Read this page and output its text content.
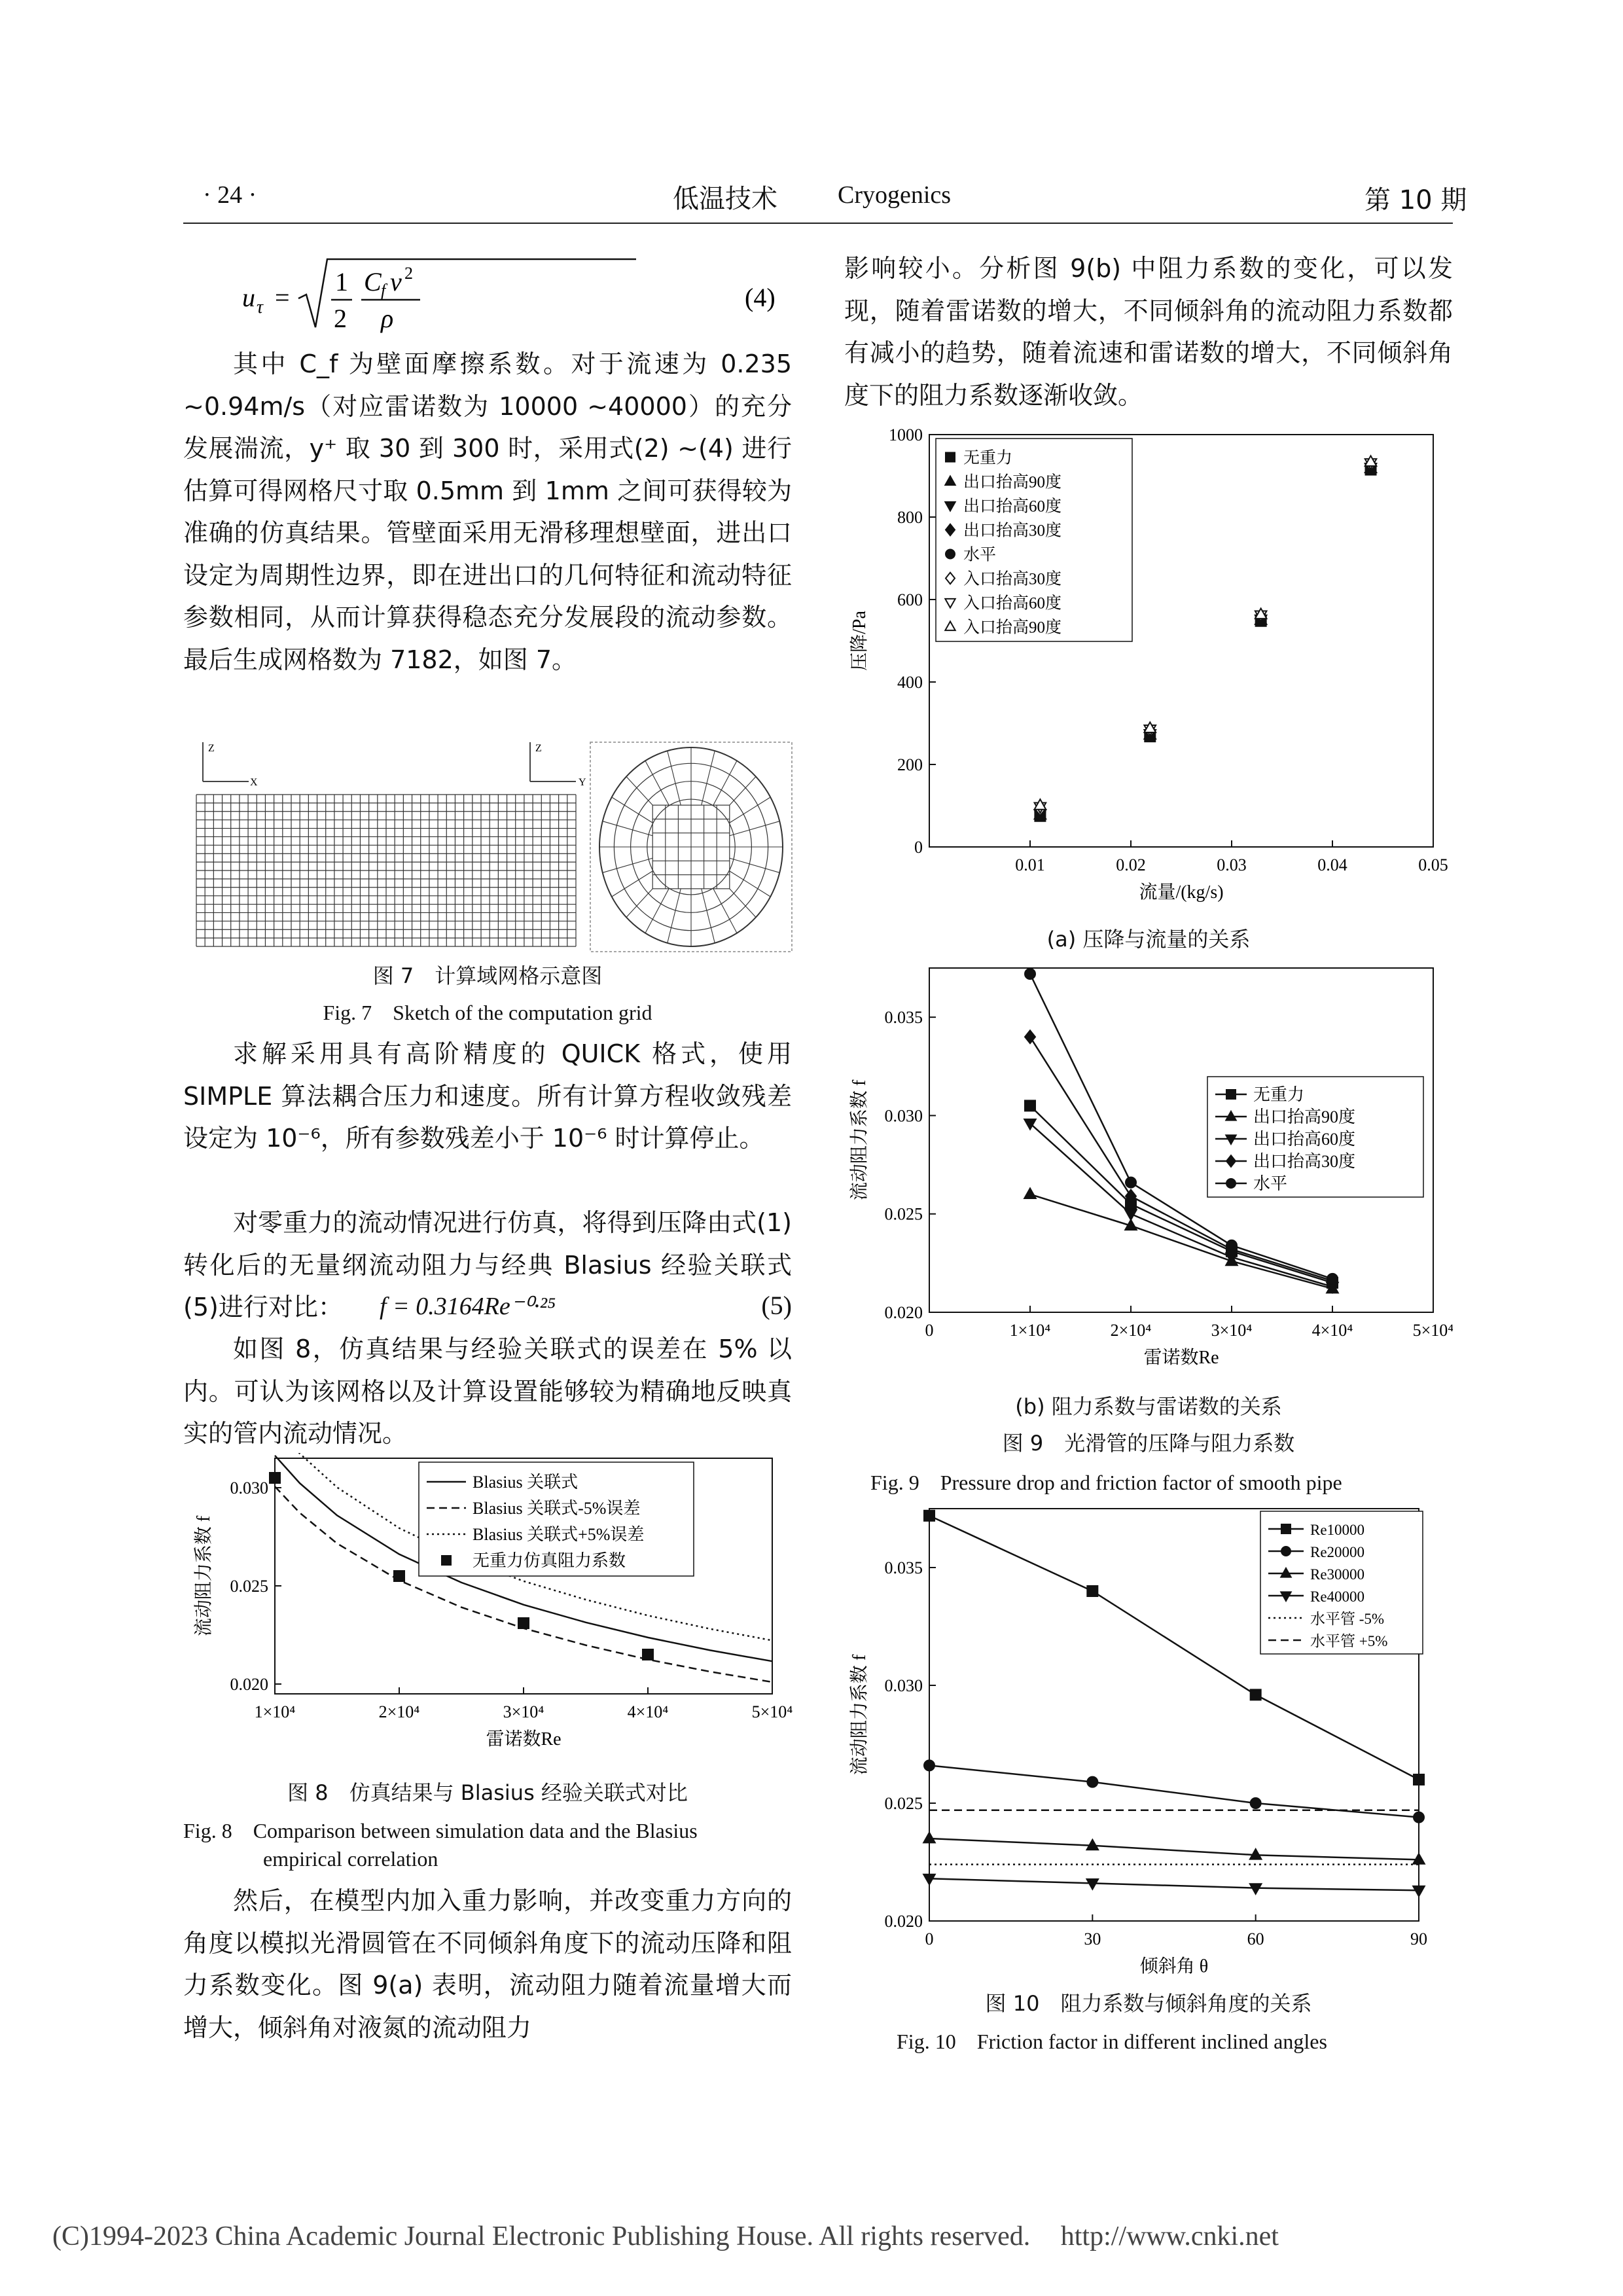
· 24 ·	低温技术 Cryogenics	第 10 期
u τ =
1
2
C f v 2
ρ
(4)

其中 C_f 为壁面摩擦系数。对于流速为 0.235 ~0.94m/s（对应雷诺数为 10000 ~40000）的充分发展湍流，y⁺ 取 30 到 300 时，采用式(2) ~(4) 进行估算可得网格尺寸取 0.5mm 到 1mm 之间可获得较为准确的仿真结果。管壁面采用无滑移理想壁面，进出口设定为周期性边界，即在进出口的几何特征和流动特征参数相同，从而计算获得稳态充分发展段的流动参数。最后生成网格数为 7182，如图 7。

Z
X
Z
Y
图 7　计算域网格示意图
Fig. 7　Sketch of the computation grid

求解采用具有高阶精度的 QUICK 格式，使用 SIMPLE 算法耦合压力和速度。所有计算方程收敛残差设定为 10⁻⁶，所有参数残差小于 10⁻⁶ 时计算停止。

对零重力的流动情况进行仿真，将得到压降由式(1)转化后的无量纲流动阻力与经典 Blasius 经验关联式(5)进行对比：	f = 0.3164Re⁻⁰·²⁵	(5)

如图 8，仿真结果与经验关联式的误差在 5% 以内。可认为该网格以及计算设置能够较为精确地反映真实的管内流动情况。

1×10⁴	2×10⁴	3×10⁴	4×10⁴	5×10⁴
0.020
0.025
0.030
雷诺数Re
流动阻力系数 f
Blasius 关联式
Blasius 关联式-5%误差
Blasius 关联式+5%误差
无重力仿真阻力系数
图 8　仿真结果与 Blasius 经验关联式对比
Fig. 8　Comparison between simulation data and the Blasius
empirical correlation

然后，在模型内加入重力影响，并改变重力方向的角度以模拟光滑圆管在不同倾斜角度下的流动压降和阻力系数变化。图 9(a) 表明，流动阻力随着流量增大而增大，倾斜角对液氮的流动阻力

影响较小。分析图 9(b) 中阻力系数的变化，可以发现，随着雷诺数的增大，不同倾斜角的流动阻力系数都有减小的趋势，随着流速和雷诺数的增大，不同倾斜角度下的阻力系数逐渐收敛。

0.01	0.02	0.03	0.04	0.05
0
200
400
600
800
1000
流量/(kg/s)
压降/Pa
无重力
出口抬高90度
出口抬高60度
出口抬高30度
水平
入口抬高30度
入口抬高60度
入口抬高90度
(a) 压降与流量的关系
0	1×10⁴	2×10⁴	3×10⁴	4×10⁴	5×10⁴
0.020
0.025
0.030
0.035
雷诺数Re
流动阻力系数 f	无重力
出口抬高90度
出口抬高60度
出口抬高30度
水平
(b) 阻力系数与雷诺数的关系
图 9　光滑管的压降与阻力系数
Fig. 9　Pressure drop and friction factor of smooth pipe
0	30	60	90
0.020
0.025
0.030
0.035
倾斜角 θ
流动阻力系数 f
Re10000
Re20000
Re30000
Re40000
水平管 -5%
水平管 +5%
图 10　阻力系数与倾斜角度的关系
Fig. 10　Friction factor in different inclined angles
(C)1994-2023 China Academic Journal Electronic Publishing House. All rights reserved. http://www.cnki.net
